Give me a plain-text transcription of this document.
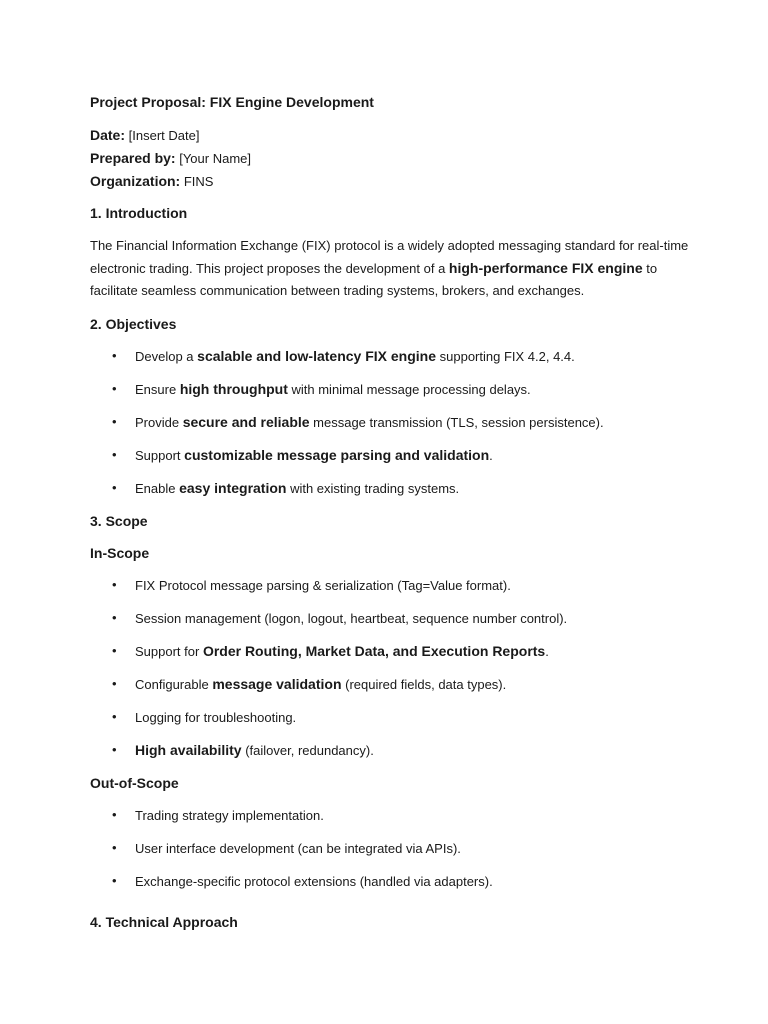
Project Proposal: FIX Engine Development

Date: [Insert Date]

Prepared by: [Your Name]

Organization: FINS

1. Introduction

The Financial Information Exchange (FIX) protocol is a widely adopted messaging standard for real-time electronic trading. This project proposes the development of a high-performance FIX engine to facilitate seamless communication between trading systems, brokers, and exchanges.

2. Objectives
• Develop a scalable and low-latency FIX engine supporting FIX 4.2, 4.4.
• Ensure high throughput with minimal message processing delays.
• Provide secure and reliable message transmission (TLS, session persistence).
• Support customizable message parsing and validation.
• Enable easy integration with existing trading systems.
3. Scope
In-Scope
• FIX Protocol message parsing & serialization (Tag=Value format).
• Session management (logon, logout, heartbeat, sequence number control).
• Support for Order Routing, Market Data, and Execution Reports.
• Configurable message validation (required fields, data types).
• Logging for troubleshooting.
• High availability (failover, redundancy).
Out-of-Scope
• Trading strategy implementation.
• User interface development (can be integrated via APIs).
• Exchange-specific protocol extensions (handled via adapters).
4. Technical Approach
